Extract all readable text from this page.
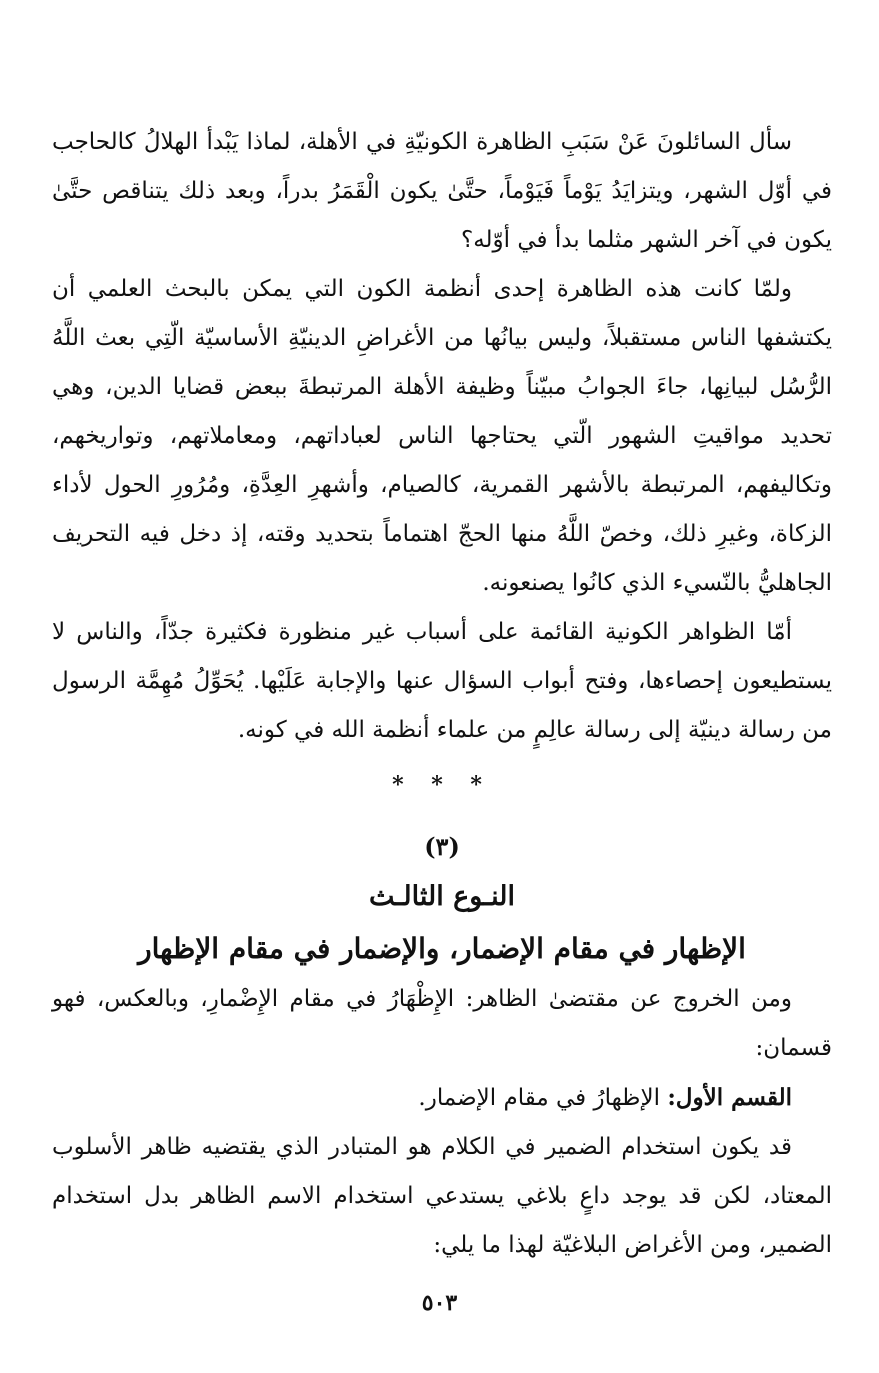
سأل السائلونَ عَنْ سَبَبِ الظاهرة الكونيّةِ في الأهلة، لماذا يَبْدأ الهلالُ كالحاجب في أوّل الشهر، ويتزايَدُ يَوْماً فَيَوْماً، حتَّىٰ يكون الْقَمَرُ بدراً، وبعد ذلك يتناقص حتَّىٰ يكون في آخر الشهر مثلما بدأ في أوّله؟

ولمّا كانت هذه الظاهرة إحدى أنظمة الكون التي يمكن بالبحث العلمي أن يكتشفها الناس مستقبلاً، وليس بيانُها من الأغراضِ الدينيّةِ الأساسيّة الّتِي بعث اللَّهُ الرُّسُل لبيانِها، جاءَ الجوابُ مبيّناً وظيفة الأهلة المرتبطةَ ببعض قضايا الدين، وهي تحديد مواقيتِ الشهور الّتي يحتاجها الناس لعباداتهم، ومعاملاتهم، وتواريخهم، وتكاليفهم، المرتبطة بالأشهر القمرية، كالصيام، وأشهرِ العِدَّةِ، ومُرُورِ الحول لأداء الزكاة، وغيرِ ذلك، وخصّ اللَّهُ منها الحجّ اهتماماً بتحديد وقته، إذ دخل فيه التحريف الجاهليُّ بالنّسيء الذي كانُوا يصنعونه.

أمّا الظواهر الكونية القائمة على أسباب غير منظورة فكثيرة جدّاً، والناس لا يستطيعون إحصاءها، وفتح أبواب السؤال عنها والإجابة عَلَيْها. يُحَوِّلُ مُهِمَّة الرسول من رسالة دينيّة إلى رسالة عالِمٍ من علماء أنظمة الله في كونه.

* * *
(٣)
النـوع الثالـث
الإظهار في مقام الإضمار، والإضمار في مقام الإظهار

ومن الخروج عن مقتضىٰ الظاهر: الإِظْهَارُ في مقام الإِضْمارِ، وبالعكس، فهو قسمان:

القسم الأول: الإظهارُ في مقام الإضمار.

قد يكون استخدام الضمير في الكلام هو المتبادر الذي يقتضيه ظاهر الأسلوب المعتاد، لكن قد يوجد داعٍ بلاغي يستدعي استخدام الاسم الظاهر بدل استخدام الضمير، ومن الأغراض البلاغيّة لهذا ما يلي:

٥٠٣
